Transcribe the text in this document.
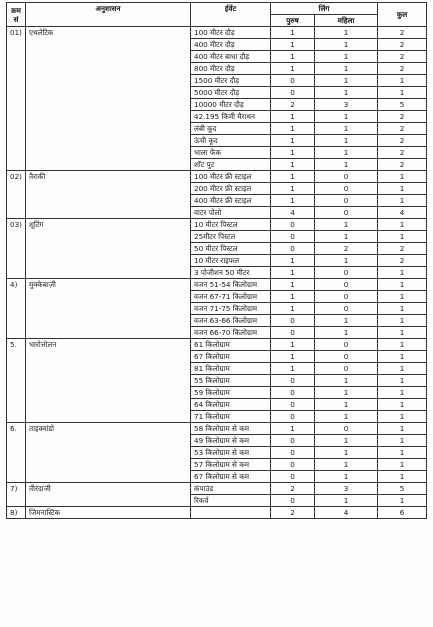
क्रम सं	अनुशासन	ईवेंट	लिंग		कुल
			पुरुष	महिला	
01)	एथलेटिक	100 मीटर दौड़	1	1	2
		400 मीटर दौड़	1	1	2
		400 मीटर बाधा दौड़	1	1	2
		800 मीटर दौड़	1	1	2
		1500 मीटर दौड़	0	1	1
		5000 मीटर दौड़	0	1	1
		10000 मीटर दौड़	2	3	5
		42.195 किमी मैराथन	1	1	2
		लंबी कूद	1	1	2
		ऊंची कूद	1	1	2
		भाला फेंक	1	1	2
		शॉट पुट	1	1	2
02)	तैराकी	100 मीटर फ्री स्टाइल	1	0	1
		200 मीटर फ्री स्टाइल	1	0	1
		400 मीटर फ्री स्टाइल	1	0	1
		वाटर पोलो	4	0	4
03)	शूटिंग	10 मीटर पिस्टल	0	1	1
		25मीटर पिस्टल	0	1	1
		50 मीटर पिस्टल	0	2	2
		10 मीटर राइफल	1	1	2
		3 पोजीशन 50 मीटर	1	0	1
4)	मुक्केबाज़ी	वजन 51-54 किलोग्राम	1	0	1
		वजन 67-71 किलोग्राम	1	0	1
		वजन 71-75 किलोग्राम	1	0	1
		वजन 63-66 किलोग्राम	0	1	1
		वजन 66-70 किलोग्राम	0	1	1
5.	भारोत्तोलन	61 किलोग्राम	1	0	1
		67 किलोग्राम	1	0	1
		81 किलोग्राम	1	0	1
		55 किलोग्राम	0	1	1
		59 किलोग्राम	0	1	1
		64 किलोग्राम	0	1	1
		71 किलोग्राम	0	1	1
6.	ताइक्वांडो	58 किलोग्राम से कम	1	0	1
		49 किलोग्राम से कम	0	1	1
		53 किलोग्राम से कम	0	1	1
		57 किलोग्राम से कम	0	1	1
		67 किलोग्राम से कम	0	1	1
7)	तीरंदाजी	कंपाउंड	2	3	5
		रिकर्व	0	1	1
8)	जिमनास्टिक		2	4	6
